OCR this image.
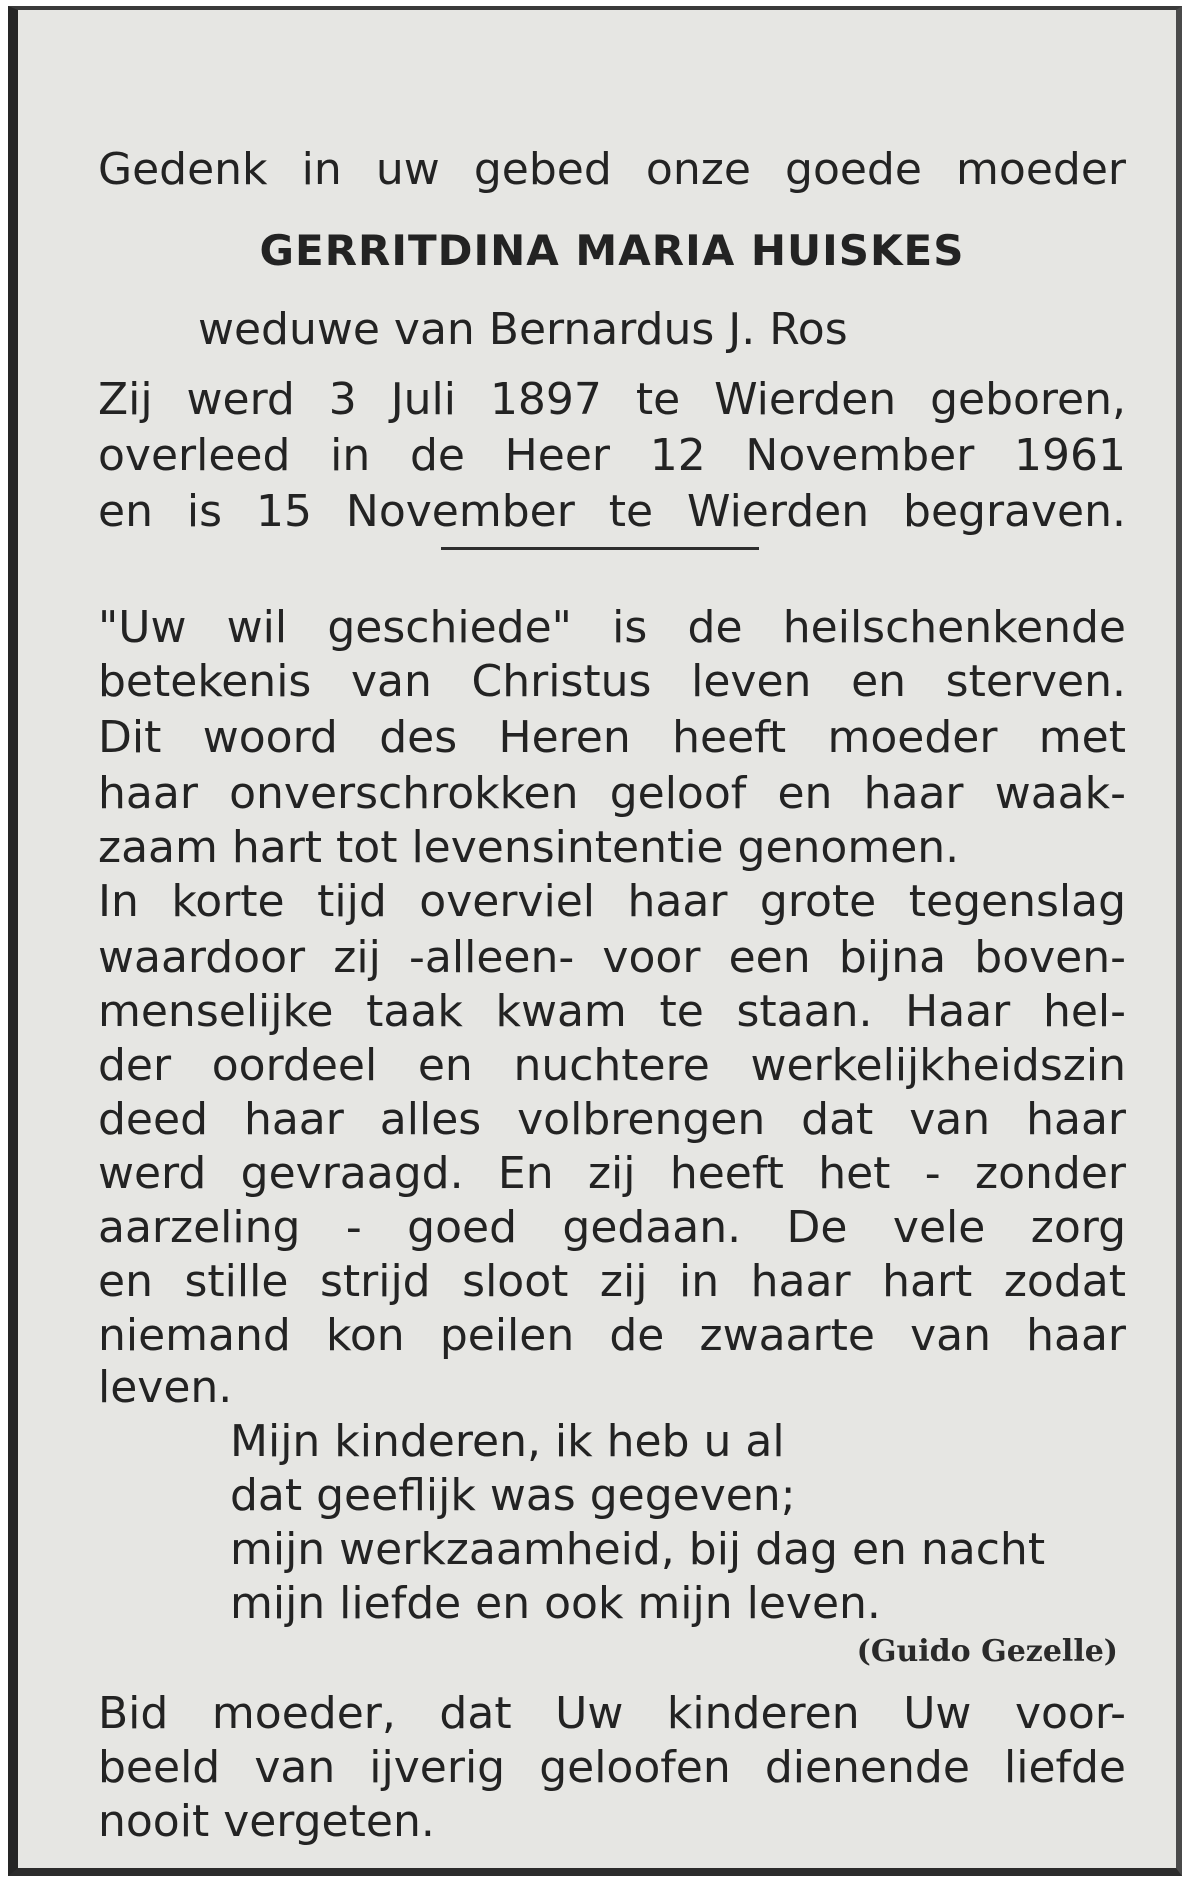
Gedenk in uw gebed onze goede moeder
GERRITDINA MARIA HUISKES
weduwe van Bernardus J. Ros
Zij werd 3 Juli 1897 te Wierden geboren,
overleed in de Heer 12 November 1961
en is 15 November te Wierden begraven.
"Uw wil geschiede" is de heilschenkende
betekenis van Christus leven en sterven.
Dit woord des Heren heeft moeder met
haar onverschrokken geloof en haar waak-
zaam hart tot levensintentie genomen.
In korte tijd overviel haar grote tegenslag
waardoor zij -alleen- voor een bijna boven-
menselijke taak kwam te staan. Haar hel-
der oordeel en nuchtere werkelijkheidszin
deed haar alles volbrengen dat van haar
werd gevraagd. En zij heeft het - zonder
aarzeling - goed gedaan. De vele zorg
en stille strijd sloot zij in haar hart zodat
niemand kon peilen de zwaarte van haar
leven.
Mijn kinderen, ik heb u al
dat geeflijk was gegeven;
mijn werkzaamheid, bij dag en nacht
mijn liefde en ook mijn leven.
(Guido Gezelle)
Bid moeder, dat Uw kinderen Uw voor-
beeld van ijverig geloofen dienende liefde
nooit vergeten.
